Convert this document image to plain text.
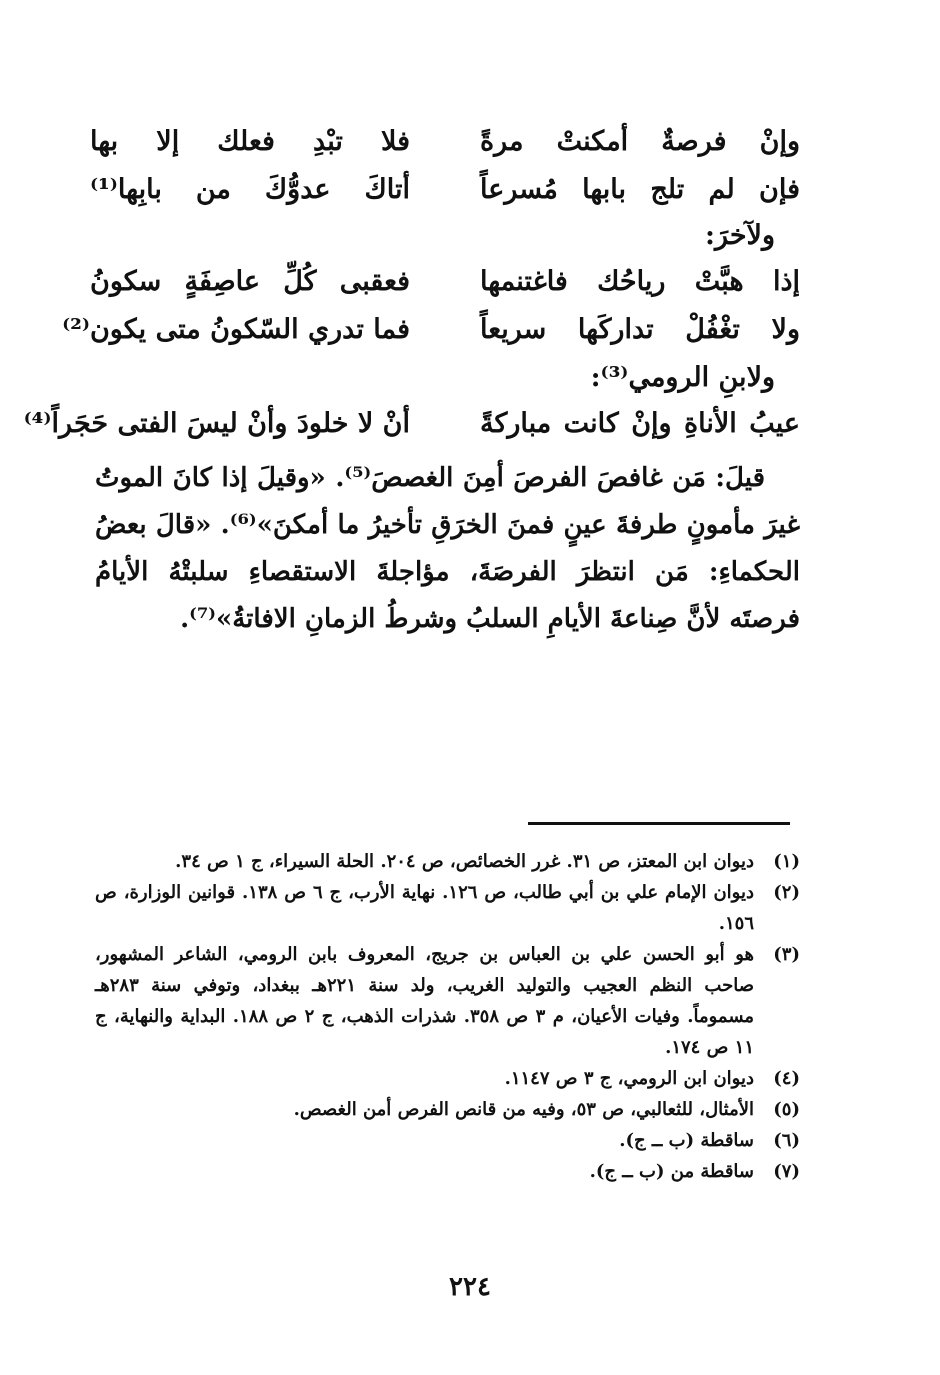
وإنْ فرصةٌ أمكنتْ مرةً
فلا تبْدِ فعلك إلا بها
فإن لم تلج بابها مُسرعاً
أتاكَ عدوُّكَ من بابِها⁽¹⁾
ولآخرَ:
إذا هبَّتْ رياحُك فاغتنمها
فعقبى كُلِّ عاصِفَةٍ سكونُ
ولا تغْفُلْ تداركَها سريعاً
فما تدري السّكونُ متى يكون⁽²⁾
ولابنِ الرومي⁽³⁾:
عيبُ الأناةِ وإنْ كانت مباركةً
أنْ لا خلودَ وأنْ ليسَ الفتى حَجَراً⁽⁴⁾

قيلَ: مَن غافصَ الفرصَ أمِنَ الغصصَ⁽⁵⁾. «وقيلَ إذا كانَ الموتُ غيرَ مأمونٍ طرفةَ عينٍ فمنَ الخرَقِ تأخيرُ ما أمكنَ»⁽⁶⁾. «قالَ بعضُ الحكماءِ: مَن انتظرَ الفرصَةَ، مؤاجلةَ الاستقصاءِ سلبتْهُ الأيامُ فرصتَه لأنَّ صِناعةَ الأيامِ السلبُ وشرطُ الزمانِ الافاتةُ»⁽⁷⁾.

(١)
ديوان ابن المعتز، ص ٣١. غرر الخصائص، ص ٢٠٤. الحلة السيراء، ج ١ ص ٣٤.
(٢)
ديوان الإمام علي بن أبي طالب، ص ١٢٦. نهاية الأرب، ج ٦ ص ١٣٨. قوانين الوزارة، ص ١٥٦.
(٣)
هو أبو الحسن علي بن العباس بن جريج، المعروف بابن الرومي، الشاعر المشهور، صاحب النظم العجيب والتوليد الغريب، ولد سنة ٢٢١هـ ببغداد، وتوفي سنة ٢٨٣هـ مسموماً. وفيات الأعيان، م ٣ ص ٣٥٨. شذرات الذهب، ج ٢ ص ١٨٨. البداية والنهاية، ج ١١ ص ١٧٤.
(٤)
ديوان ابن الرومي، ج ٣ ص ١١٤٧.
(٥)
الأمثال، للثعالبي، ص ٥٣، وفيه من قانص الفرص أمن الغصص.
(٦)
ساقطة (ب ــ ج).
(٧)
ساقطة من (ب ــ ج).
٢٢٤
